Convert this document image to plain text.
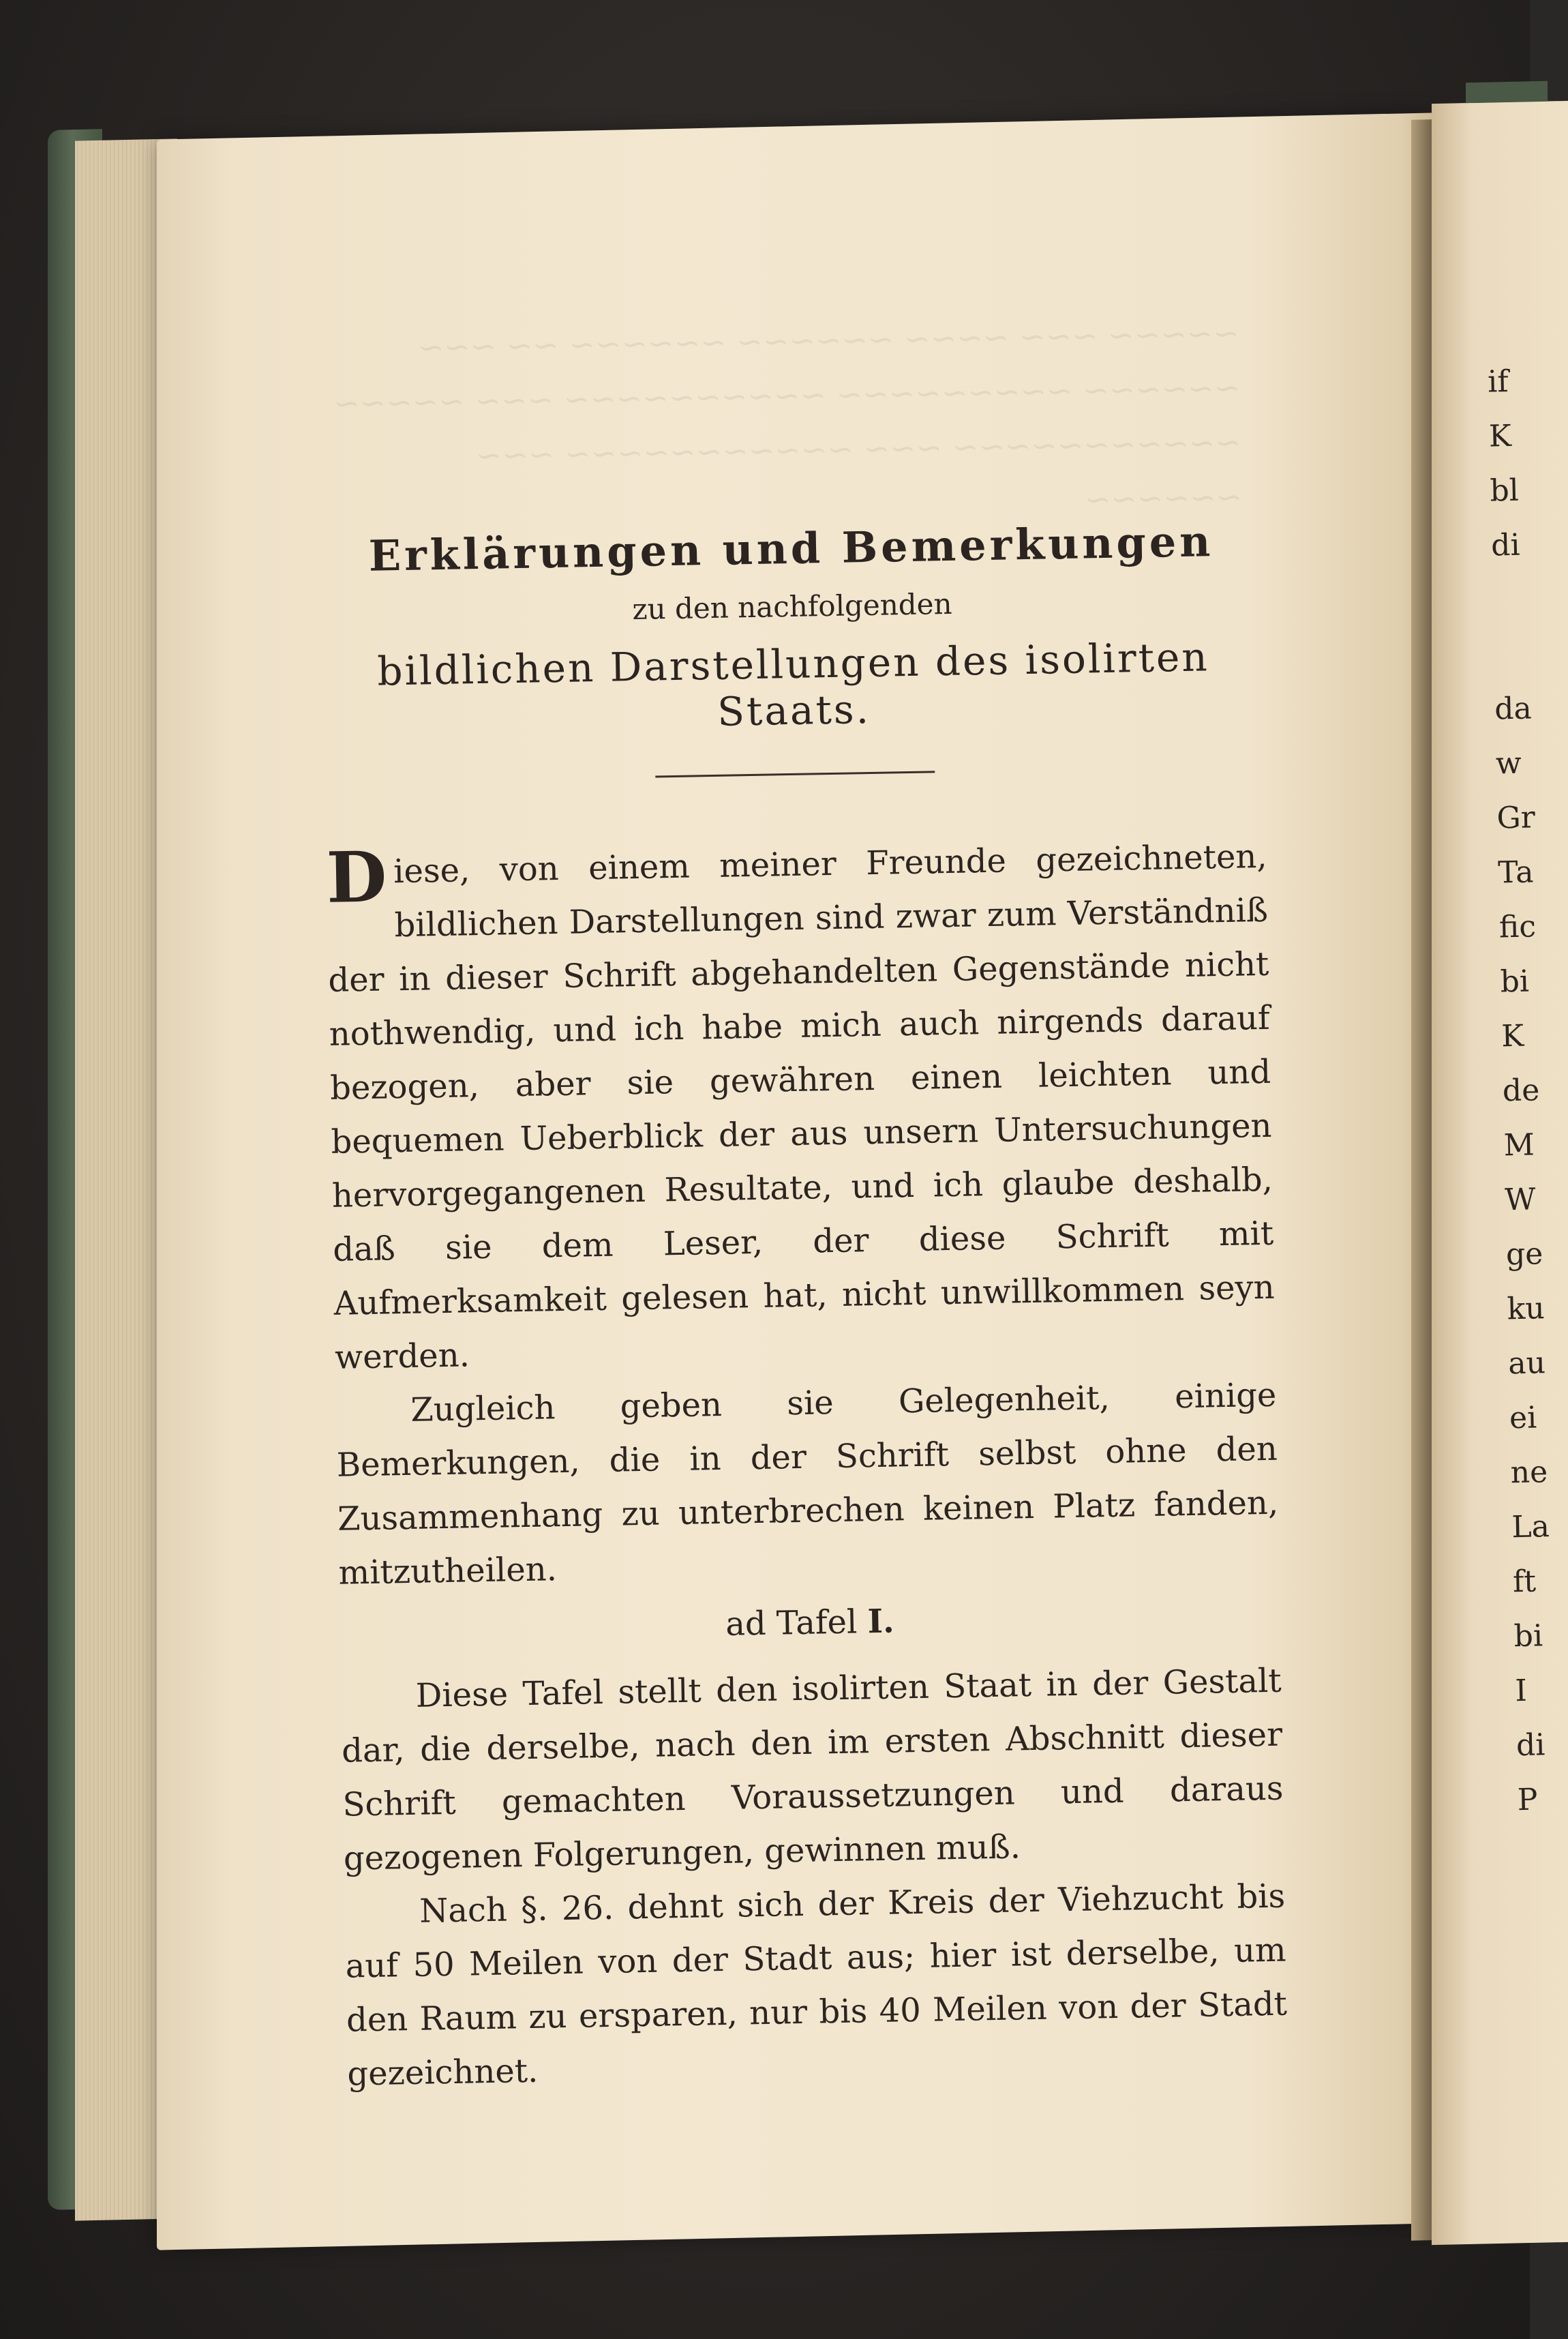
~~~~~ ~~~ ~~~~ ~~~~~~ ~~~~~~ ~~ ~~~
~~~~~~ ~~~~~~~~~ ~~~~~~~~~~ ~~~ ~~~~~
~~~~~~~~~~~ ~~~ ~~~~~~~~~~~ ~~~ ~~~~~~
Erklärungen und Bemerkungen
zu den nachfolgenden
bildlichen Darstellungen des isolirten Staats.

Diese, von einem meiner Freunde gezeichneten, bildlichen Darstellungen sind zwar zum Verständniß der in dieser Schrift abgehandelten Gegenstände nicht nothwendig, und ich habe mich auch nirgends darauf bezogen, aber sie gewähren einen leichten und bequemen Ueberblick der aus unsern Untersuchungen hervorgegangenen Resultate, und ich glaube deshalb, daß sie dem Leser, der diese Schrift mit Aufmerksamkeit gelesen hat, nicht unwillkommen seyn werden.

Zugleich geben sie Gelegenheit, einige Bemerkungen, die in der Schrift selbst ohne den Zusammenhang zu unterbrechen keinen Platz fanden, mitzutheilen.

ad Tafel I.

Diese Tafel stellt den isolirten Staat in der Gestalt dar, die derselbe, nach den im ersten Abschnitt dieser Schrift gemachten Voraussetzungen und daraus gezogenen Folgerungen, gewinnen muß.

Nach §. 26. dehnt sich der Kreis der Viehzucht bis auf 50 Meilen von der Stadt aus; hier ist derselbe, um den Raum zu ersparen, nur bis 40 Meilen von der Stadt gezeichnet.

if
K
bl
di

da
w
Gr
Ta
fic
bi
K
de
M
W
ge
ku
au
ei
ne
La
ft
bi
I
di
P
